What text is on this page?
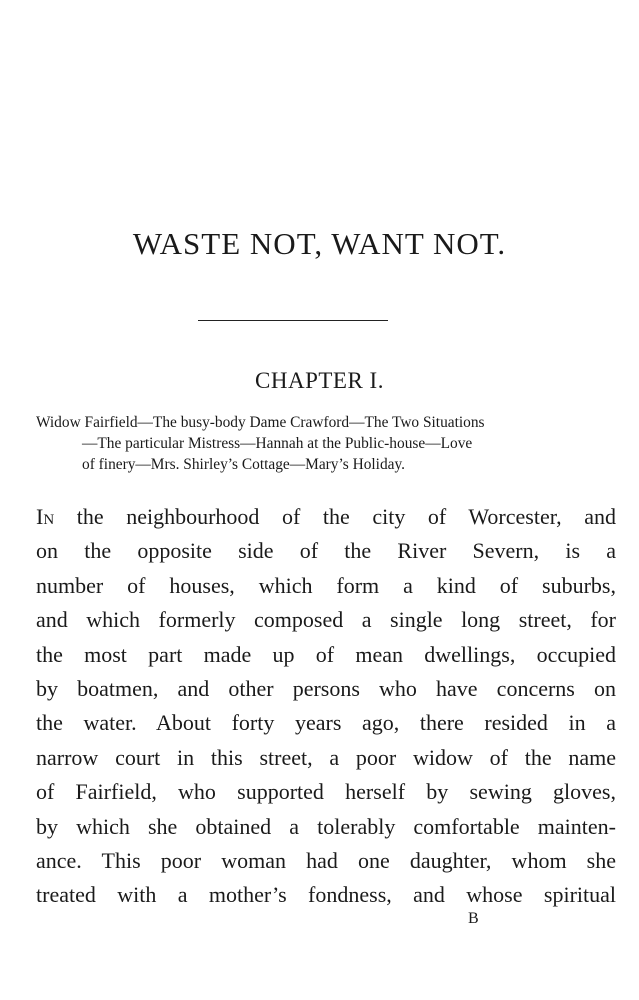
WASTE NOT, WANT NOT.
CHAPTER I.
Widow Fairfield—The busy-body Dame Crawford—The Two Situations
—The particular Mistress—Hannah at the Public-house—Love
of finery—Mrs. Shirley’s Cottage—Mary’s Holiday.
In the neighbourhood of the city of Worcester, and
on the opposite side of the River Severn, is a
number of houses, which form a kind of suburbs,
and which formerly composed a single long street, for
the most part made up of mean dwellings, occupied
by boatmen, and other persons who have concerns on
the water. About forty years ago, there resided in a
narrow court in this street, a poor widow of the name
of Fairfield, who supported herself by sewing gloves,
by which she obtained a tolerably comfortable mainten-
ance. This poor woman had one daughter, whom she
treated with a mother’s fondness, and whose spiritual
B
